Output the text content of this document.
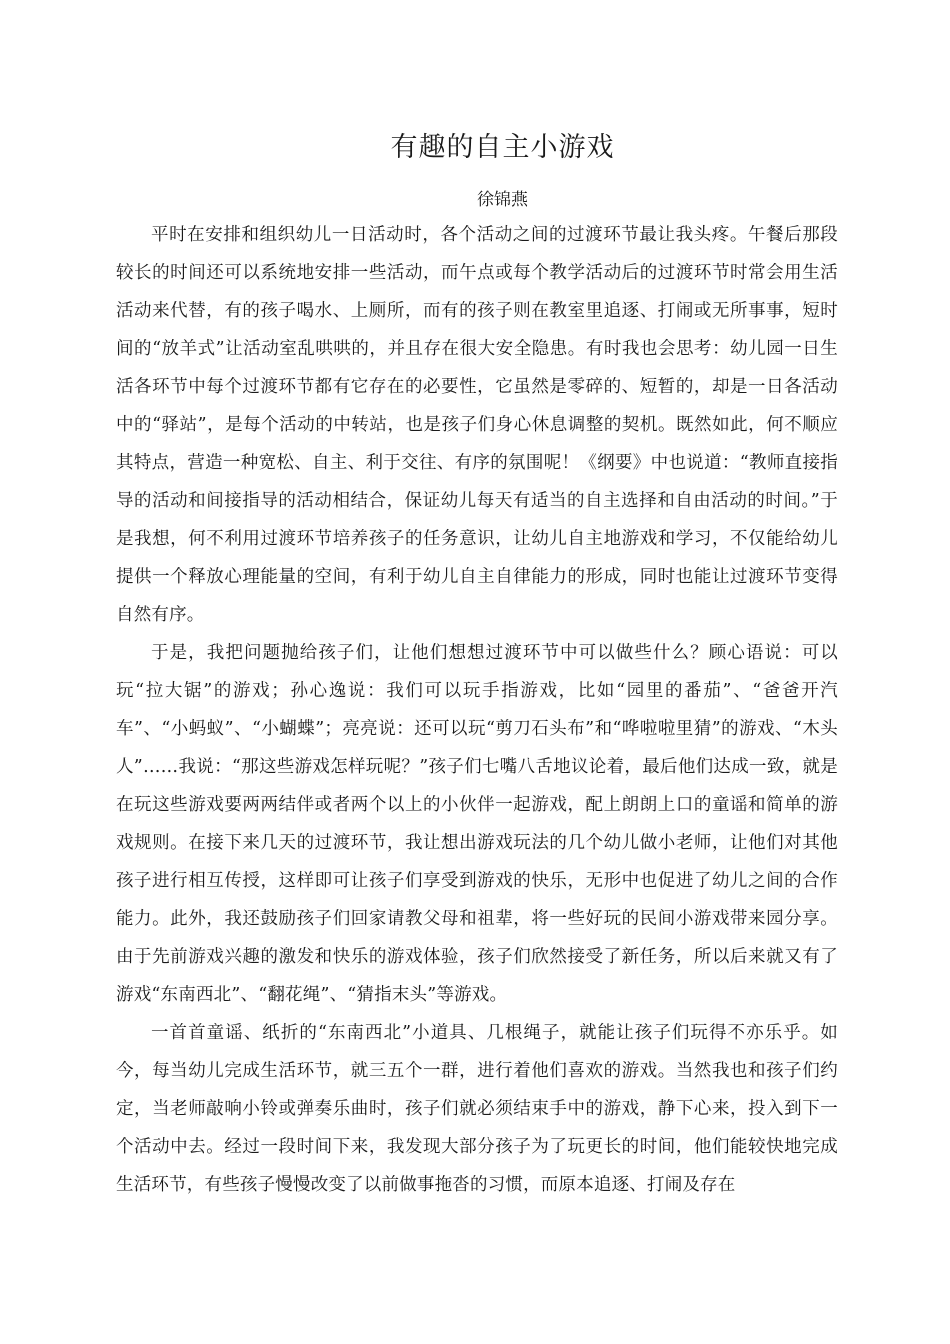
有趣的自主小游戏
徐锦燕

平时在安排和组织幼儿一日活动时，各个活动之间的过渡环节最让我头疼。午餐后那段较长的时间还可以系统地安排一些活动，而午点或每个教学活动后的过渡环节时常会用生活活动来代替，有的孩子喝水、上厕所，而有的孩子则在教室里追逐、打闹或无所事事，短时间的“放羊式”让活动室乱哄哄的，并且存在很大安全隐患。有时我也会思考：幼儿园一日生活各环节中每个过渡环节都有它存在的必要性，它虽然是零碎的、短暂的，却是一日各活动中的“驿站”，是每个活动的中转站，也是孩子们身心休息调整的契机。既然如此，何不顺应其特点，营造一种宽松、自主、利于交往、有序的氛围呢！《纲要》中也说道：“教师直接指导的活动和间接指导的活动相结合，保证幼儿每天有适当的自主选择和自由活动的时间。”于是我想，何不利用过渡环节培养孩子的任务意识，让幼儿自主地游戏和学习，不仅能给幼儿提供一个释放心理能量的空间，有利于幼儿自主自律能力的形成，同时也能让过渡环节变得自然有序。

于是，我把问题抛给孩子们，让他们想想过渡环节中可以做些什么？顾心语说：可以玩“拉大锯”的游戏；孙心逸说：我们可以玩手指游戏，比如“园里的番茄”、“爸爸开汽车”、“小蚂蚁”、“小蝴蝶”；亮亮说：还可以玩“剪刀石头布”和“哗啦啦里猜”的游戏、“木头人”……我说：“那这些游戏怎样玩呢？”孩子们七嘴八舌地议论着，最后他们达成一致，就是在玩这些游戏要两两结伴或者两个以上的小伙伴一起游戏，配上朗朗上口的童谣和简单的游戏规则。在接下来几天的过渡环节，我让想出游戏玩法的几个幼儿做小老师，让他们对其他孩子进行相互传授，这样即可让孩子们享受到游戏的快乐，无形中也促进了幼儿之间的合作能力。此外，我还鼓励孩子们回家请教父母和祖辈，将一些好玩的民间小游戏带来园分享。由于先前游戏兴趣的激发和快乐的游戏体验，孩子们欣然接受了新任务，所以后来就又有了游戏“东南西北”、“翻花绳”、“猜指末头”等游戏。

一首首童谣、纸折的“东南西北”小道具、几根绳子，就能让孩子们玩得不亦乐乎。如今，每当幼儿完成生活环节，就三五个一群，进行着他们喜欢的游戏。当然我也和孩子们约定，当老师敲响小铃或弹奏乐曲时，孩子们就必须结束手中的游戏，静下心来，投入到下一个活动中去。经过一段时间下来，我发现大部分孩子为了玩更长的时间，他们能较快地完成生活环节，有些孩子慢慢改变了以前做事拖沓的习惯，而原本追逐、打闹及存在
